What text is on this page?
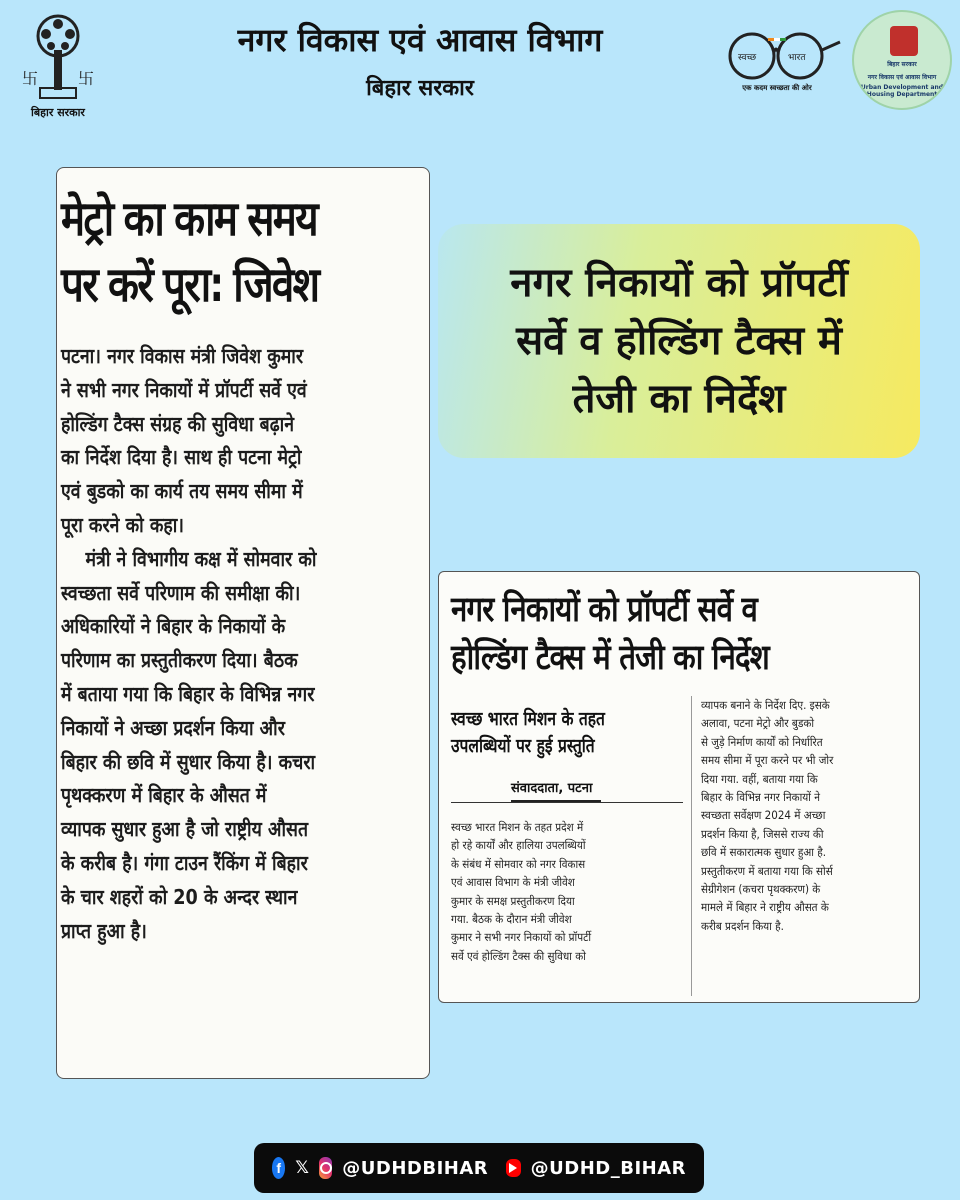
卐 卐
बिहार सरकार
नगर विकास एवं आवास विभाग
बिहार सरकार
स्वच्छ	भारत
एक कदम स्वच्छता की ओर
बिहार सरकार
नगर विकास एवं आवास विभाग
Urban Development and Housing Department
मेट्रो का काम समय
पर करें पूरा: जिवेश
पटना। नगर विकास मंत्री जिवेश कुमार
ने सभी नगर निकायों में प्रॉपर्टी सर्वे एवं
होल्डिंग टैक्स संग्रह की सुविधा बढ़ाने
का निर्देश दिया है। साथ ही पटना मेट्रो
एवं बुडको का कार्य तय समय सीमा में
पूरा करने को कहा।
मंत्री ने विभागीय कक्ष में सोमवार को
स्वच्छता सर्वे परिणाम की समीक्षा की।
अधिकारियों ने बिहार के निकायों के
परिणाम का प्रस्तुतीकरण दिया। बैठक
में बताया गया कि बिहार के विभिन्न नगर
निकायों ने अच्छा प्रदर्शन किया और
बिहार की छवि में सुधार किया है। कचरा
पृथक्करण में बिहार के औसत में
व्यापक सुधार हुआ है जो राष्ट्रीय औसत
के करीब है। गंगा टाउन रैंकिंग में बिहार
के चार शहरों को 20 के अन्दर स्थान
प्राप्त हुआ है।
नगर निकायों को प्रॉपर्टी
सर्वे व होल्डिंग टैक्स में
तेजी का निर्देश
नगर निकायों को प्रॉपर्टी सर्वे व
होल्डिंग टैक्स में तेजी का निर्देश
स्वच्छ भारत मिशन के तहत
उपलब्धियों पर हुई प्रस्तुति
संवाददाता, पटना
स्वच्छ भारत मिशन के तहत प्रदेश में
हो रहे कार्यों और हालिया उपलब्धियों
के संबंध में सोमवार को नगर विकास
एवं आवास विभाग के मंत्री जीवेश
कुमार के समक्ष प्रस्तुतीकरण दिया
गया. बैठक के दौरान मंत्री जीवेश
कुमार ने सभी नगर निकायों को प्रॉपर्टी
सर्वे एवं होल्डिंग टैक्स की सुविधा को
व्यापक बनाने के निर्देश दिए. इसके
अलावा, पटना मेट्रो और बुडको
से जुड़े निर्माण कार्यों को निर्धारित
समय सीमा में पूरा करने पर भी जोर
दिया गया. वहीं, बताया गया कि
बिहार के विभिन्न नगर निकायों ने
स्वच्छता सर्वेक्षण 2024 में अच्छा
प्रदर्शन किया है, जिससे राज्य की
छवि में सकारात्मक सुधार हुआ है.
प्रस्तुतीकरण में बताया गया कि सोर्स
सेग्रीगेशन (कचरा पृथक्करण) के
मामले में बिहार ने राष्ट्रीय औसत के
करीब प्रदर्शन किया है.
f 𝕏 @UDHDBIHAR @UDHD_BIHAR
